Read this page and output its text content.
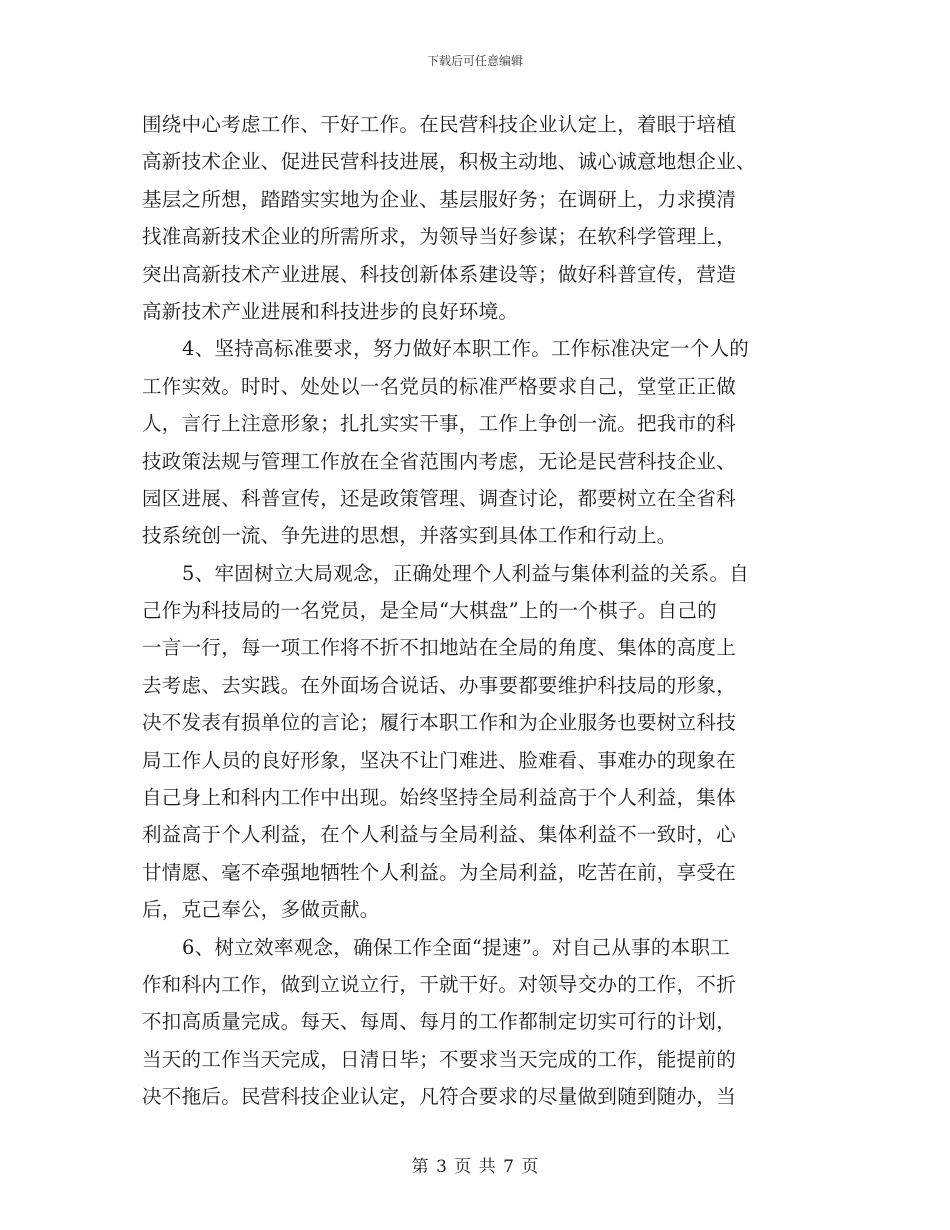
下载后可任意编辑
围绕中心考虑工作、干好工作。在民营科技企业认定上，着眼于培植
高新技术企业、促进民营科技进展，积极主动地、诚心诚意地想企业、
基层之所想，踏踏实实地为企业、基层服好务；在调研上，力求摸清
找准高新技术企业的所需所求，为领导当好参谋；在软科学管理上，
突出高新技术产业进展、科技创新体系建设等；做好科普宣传，营造
高新技术产业进展和科技进步的良好环境。
4、坚持高标准要求，努力做好本职工作。工作标准决定一个人的
工作实效。时时、处处以一名党员的标准严格要求自己，堂堂正正做
人，言行上注意形象；扎扎实实干事，工作上争创一流。把我市的科
技政策法规与管理工作放在全省范围内考虑，无论是民营科技企业、
园区进展、科普宣传，还是政策管理、调查讨论，都要树立在全省科
技系统创一流、争先进的思想，并落实到具体工作和行动上。
5、牢固树立大局观念，正确处理个人利益与集体利益的关系。自
己作为科技局的一名党员，是全局“大棋盘”上的一个棋子。自己的
一言一行，每一项工作将不折不扣地站在全局的角度、集体的高度上
去考虑、去实践。在外面场合说话、办事要都要维护科技局的形象，
决不发表有损单位的言论；履行本职工作和为企业服务也要树立科技
局工作人员的良好形象，坚决不让门难进、脸难看、事难办的现象在
自己身上和科内工作中出现。始终坚持全局利益高于个人利益，集体
利益高于个人利益，在个人利益与全局利益、集体利益不一致时，心
甘情愿、毫不牵强地牺牲个人利益。为全局利益，吃苦在前，享受在
后，克己奉公，多做贡献。
6、树立效率观念，确保工作全面“提速”。对自己从事的本职工
作和科内工作，做到立说立行，干就干好。对领导交办的工作，不折
不扣高质量完成。每天、每周、每月的工作都制定切实可行的计划，
当天的工作当天完成，日清日毕；不要求当天完成的工作，能提前的
决不拖后。民营科技企业认定，凡符合要求的尽量做到随到随办，当
第 3 页 共 7 页
